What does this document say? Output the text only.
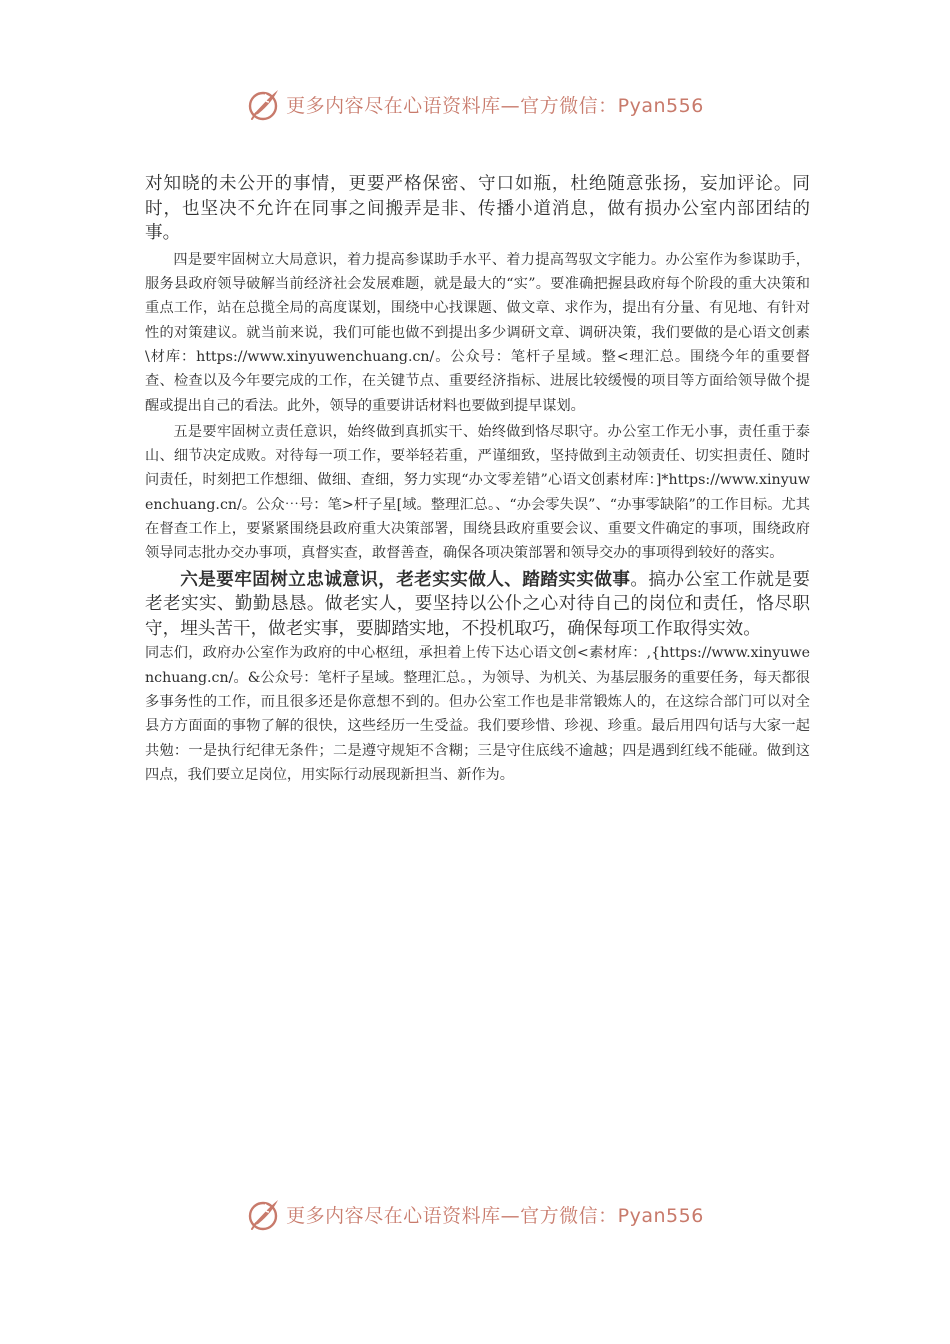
更多内容尽在心语资料库—官方微信：Pyan556

对知晓的未公开的事情，更要严格保密、守口如瓶，杜绝随意张扬，妄加评论。同时，也坚决不允许在同事之间搬弄是非、传播小道消息，做有损办公室内部团结的事。

四是要牢固树立大局意识，着力提高参谋助手水平、着力提高驾驭文字能力。办公室作为参谋助手，服务县政府领导破解当前经济社会发展难题，就是最大的“实”。要准确把握县政府每个阶段的重大决策和重点工作，站在总揽全局的高度谋划，围绕中心找课题、做文章、求作为，提出有分量、有见地、有针对性的对策建议。就当前来说，我们可能也做不到提出多少调研文章、调研决策，我们要做的是心语文创素\材库：https://www.xinyuwenchuang.cn/。公众号：笔杆子星域。整<理汇总。围绕今年的重要督查、检查以及今年要完成的工作，在关键节点、重要经济指标、进展比较缓慢的项目等方面给领导做个提醒或提出自己的看法。此外，领导的重要讲话材料也要做到提早谋划。

五是要牢固树立责任意识，始终做到真抓实干、始终做到恪尽职守。办公室工作无小事，责任重于泰山、细节决定成败。对待每一项工作，要举轻若重，严谨细致，坚持做到主动领责任、切实担责任、随时问责任，时刻把工作想细、做细、查细，努力实现“办文零差错”心语文创素材库：]*https://www.xinyuwenchuang.cn/。公众⋯号：笔>杆子星[域。整理汇总。、“办会零失误”、“办事零缺陷”的工作目标。尤其在督查工作上，要紧紧围绕县政府重大决策部署，围绕县政府重要会议、重要文件确定的事项，围绕政府领导同志批办交办事项，真督实查，敢督善查，确保各项决策部署和领导交办的事项得到较好的落实。

六是要牢固树立忠诚意识，老老实实做人、踏踏实实做事。搞办公室工作就是要老老实实、勤勤恳恳。做老实人，要坚持以公仆之心对待自己的岗位和责任，恪尽职守，埋头苦干，做老实事，要脚踏实地，不投机取巧，确保每项工作取得实效。

同志们，政府办公室作为政府的中心枢纽，承担着上传下达心语文创<素材库：,{https://www.xinyuwenchuang.cn/。&公众号：笔杆子星域。整理汇总。，为领导、为机关、为基层服务的重要任务，每天都很多事务性的工作，而且很多还是你意想不到的。但办公室工作也是非常锻炼人的，在这综合部门可以对全县方方面面的事物了解的很快，这些经历一生受益。我们要珍惜、珍视、珍重。最后用四句话与大家一起共勉：一是执行纪律无条件；二是遵守规矩不含糊；三是守住底线不逾越；四是遇到红线不能碰。做到这四点，我们要立足岗位，用实际行动展现新担当、新作为。

更多内容尽在心语资料库—官方微信：Pyan556
